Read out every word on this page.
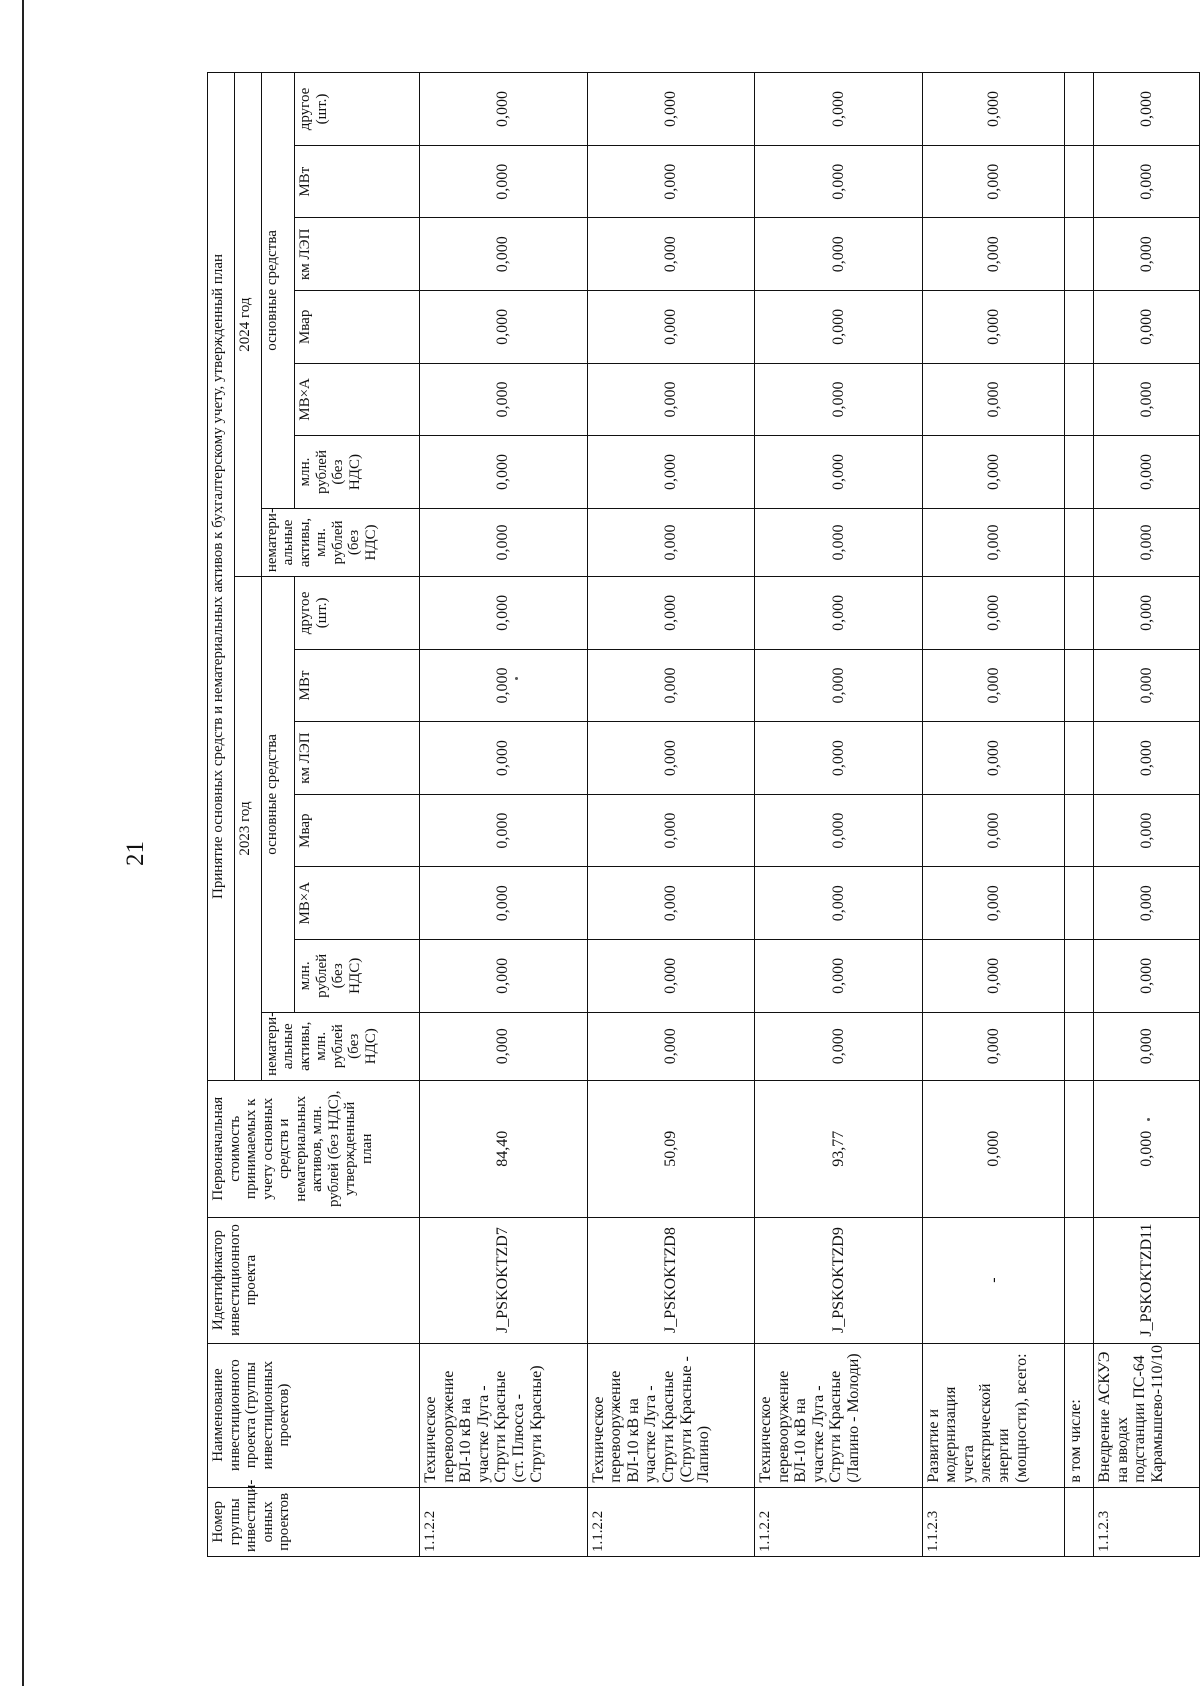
21
Номер группы инвестици-онных проектов	Наименование инвестиционного проекта (группы инвестиционных проектов)	Идентификатор инвестиционного проекта	Первоначальная стоимость принимаемых к учету основных средств и нематериальных активов, млн. рублей (без НДС), утвержденный план	Принятие основных средств и нематериальных активов к бухгалтерскому учету, утвержденный план													
				2023 год							2024 год						
				нематери-альные активы, млн. рублей (без НДС)	основные средства						нематери-альные активы, млн. рублей (без НДС)	основные средства					
					млн. рублей (без НДС)	МВ×А	Мвар	км ЛЭП	МВт	другое (шт.)		млн. рублей (без НДС)	МВ×А	Мвар	км ЛЭП	МВт	другое (шт.)
1.1.2.2	Техническое перевооружение ВЛ-10 кВ на участке Луга - Струги Красные (ст. Плюсса - Струги Красные)	J_PSKOKTZD7	84,40	0,000	0,000	0,000	0,000	0,000	0,000	0,000	0,000	0,000	0,000	0,000	0,000	0,000	0,000
1.1.2.2	Техническое перевооружение ВЛ-10 кВ на участке Луга - Струги Красные (Струги Красные - Лапино)	J_PSKOKTZD8	50,09	0,000	0,000	0,000	0,000	0,000	0,000	0,000	0,000	0,000	0,000	0,000	0,000	0,000	0,000
1.1.2.2	Техническое перевооружение ВЛ-10 кВ на участке Луга - Струги Красные (Лапино - Молоди)	J_PSKOKTZD9	93,77	0,000	0,000	0,000	0,000	0,000	0,000	0,000	0,000	0,000	0,000	0,000	0,000	0,000	0,000
1.1.2.3	Развитие и модернизация учета электрической энергии (мощности), всего:	-	0,000	0,000	0,000	0,000	0,000	0,000	0,000	0,000	0,000	0,000	0,000	0,000	0,000	0,000	0,000
	в том числе:																
1.1.2.3	Внедрение АСКУЭ на вводах подстанции ПС-64 Карамышево-110/10	J_PSKOKTZD11	0,000	0,000	0,000	0,000	0,000	0,000	0,000	0,000	0,000	0,000	0,000	0,000	0,000	0,000	0,000
